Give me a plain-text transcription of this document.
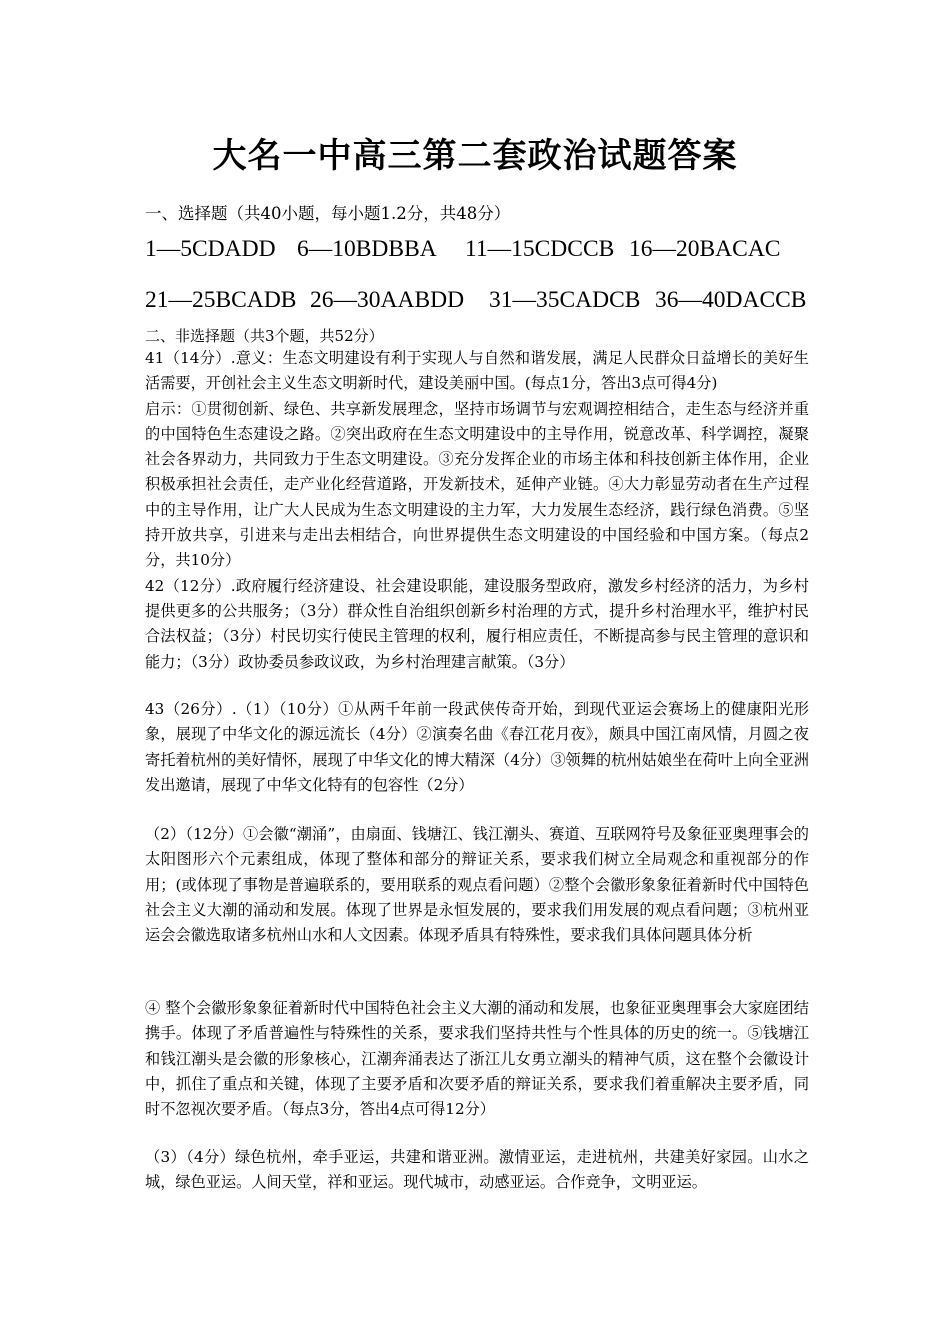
大名一中高三第二套政治试题答案
一、选择题（共40小题，每小题1.2分，共48分）
1—5CDADD 6—10BDBBA 11—15CDCCB 16—20BACAC
21—25BCADB 26—30AABDD 31—35CADCB 36—40DACCB
二、非选择题（共3个题，共52分）

41（14分）.意义：生态文明建设有利于实现人与自然和谐发展，满足人民群众日益增长的美好生活需要，开创社会主义生态文明新时代，建设美丽中国。(每点1分，答出3点可得4分)

启示：①贯彻创新、绿色、共享新发展理念，坚持市场调节与宏观调控相结合，走生态与经济并重的中国特色生态建设之路。②突出政府在生态文明建设中的主导作用，锐意改革、科学调控，凝聚社会各界动力，共同致力于生态文明建设。③充分发挥企业的市场主体和科技创新主体作用，企业积极承担社会责任，走产业化经营道路，开发新技术，延伸产业链。④大力彰显劳动者在生产过程中的主导作用，让广大人民成为生态文明建设的主力军，大力发展生态经济，践行绿色消费。⑤坚持开放共享，引进来与走出去相结合，向世界提供生态文明建设的中国经验和中国方案。（每点2分，共10分）

42（12分）.政府履行经济建设、社会建设职能，建设服务型政府，激发乡村经济的活力，为乡村提供更多的公共服务；（3分）群众性自治组织创新乡村治理的方式，提升乡村治理水平，维护村民合法权益；（3分）村民切实行使民主管理的权利，履行相应责任，不断提高参与民主管理的意识和能力；（3分）政协委员参政议政，为乡村治理建言献策。（3分）

43（26分）.（1）（10分）①从两千年前一段武侠传奇开始，到现代亚运会赛场上的健康阳光形象，展现了中华文化的源远流长（4分）②演奏名曲《春江花月夜》，颇具中国江南风情，月圆之夜寄托着杭州的美好情怀，展现了中华文化的博大精深（4分）③领舞的杭州姑娘坐在荷叶上向全亚洲发出邀请，展现了中华文化特有的包容性（2分）

（2）（12分）①会徽“潮涌”，由扇面、钱塘江、钱江潮头、赛道、互联网符号及象征亚奥理事会的太阳图形六个元素组成，体现了整体和部分的辩证关系，要求我们树立全局观念和重视部分的作用；(或体现了事物是普遍联系的，要用联系的观点看问题）②整个会徽形象象征着新时代中国特色社会主义大潮的涌动和发展。体现了世界是永恒发展的，要求我们用发展的观点看问题；③杭州亚运会会徽选取诸多杭州山水和人文因素。体现矛盾具有特殊性，要求我们具体问题具体分析

④ 整个会徽形象象征着新时代中国特色社会主义大潮的涌动和发展，也象征亚奥理事会大家庭团结携手。体现了矛盾普遍性与特殊性的关系，要求我们坚持共性与个性具体的历史的统一。⑤钱塘江和钱江潮头是会徽的形象核心，江潮奔涌表达了浙江儿女勇立潮头的精神气质，这在整个会徽设计中，抓住了重点和关键，体现了主要矛盾和次要矛盾的辩证关系，要求我们着重解决主要矛盾，同时不忽视次要矛盾。（每点3分，答出4点可得12分）

（3）（4分）绿色杭州，牵手亚运，共建和谐亚洲。激情亚运，走进杭州，共建美好家园。山水之城，绿色亚运。人间天堂，祥和亚运。现代城市，动感亚运。合作竞争，文明亚运。
